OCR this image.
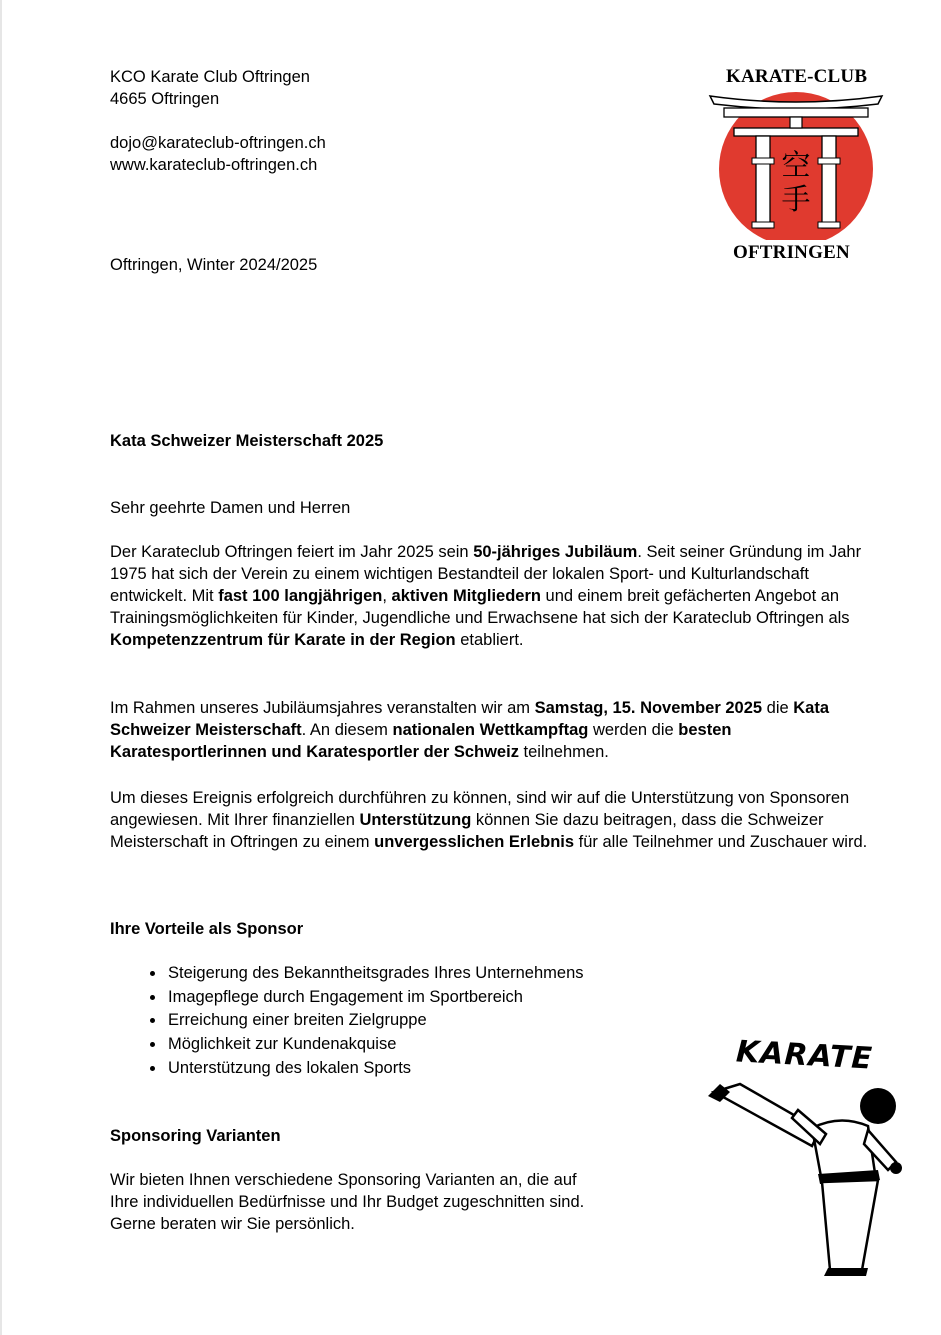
KCO Karate Club Oftringen

4665 Oftringen

dojo@karateclub-oftringen.ch

www.karateclub-oftringen.ch

Oftringen, Winter 2024/2025

KARATE-CLUB
空手
OFTRINGEN
Kata Schweizer Meisterschaft 2025

Sehr geehrte Damen und Herren

Der Karateclub Oftringen feiert im Jahr 2025 sein 50-jähriges Jubiläum. Seit seiner Gründung im Jahr 1975 hat sich der Verein zu einem wichtigen Bestandteil der lokalen Sport- und Kulturlandschaft entwickelt. Mit fast 100 langjährigen, aktiven Mitgliedern und einem breit gefächerten Angebot an Trainingsmöglichkeiten für Kinder, Jugendliche und Erwachsene hat sich der Karateclub Oftringen als Kompetenzzentrum für Karate in der Region etabliert.

Im Rahmen unseres Jubiläumsjahres veranstalten wir am Samstag, 15. November 2025 die Kata Schweizer Meisterschaft. An diesem nationalen Wettkampftag werden die besten Karatesportlerinnen und Karatesportler der Schweiz teilnehmen.

Um dieses Ereignis erfolgreich durchführen zu können, sind wir auf die Unterstützung von Sponsoren angewiesen. Mit Ihrer finanziellen Unterstützung können Sie dazu beitragen, dass die Schweizer Meisterschaft in Oftringen zu einem unvergesslichen Erlebnis für alle Teilnehmer und Zuschauer wird.

Ihre Vorteile als Sponsor
• Steigerung des Bekanntheitsgrades Ihres Unternehmens
• Imagepflege durch Engagement im Sportbereich
• Erreichung einer breiten Zielgruppe
• Möglichkeit zur Kundenakquise
• Unterstützung des lokalen Sports
Sponsoring Varianten

Wir bieten Ihnen verschiedene Sponsoring Varianten an, die auf

Ihre individuellen Bedürfnisse und Ihr Budget zugeschnitten sind.

Gerne beraten wir Sie persönlich.

KARATE
